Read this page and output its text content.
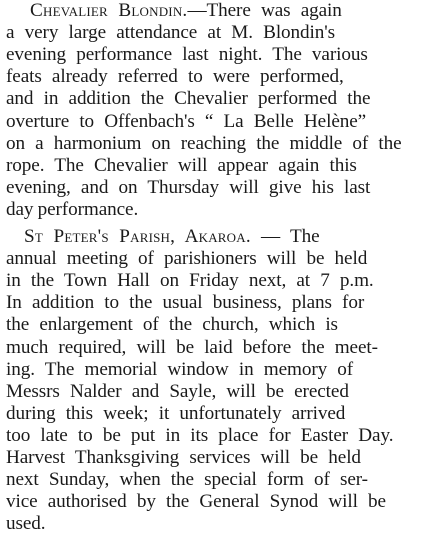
Chevalier Blondin.—There was again
a very large attendance at M. Blondin's
evening performance last night. The various
feats already referred to were performed,
and in addition the Chevalier performed the
overture to Offenbach's “ La Belle Helène”
on a harmonium on reaching the middle of the
rope. The Chevalier will appear again this
evening, and on Thursday will give his last
day performance.
St Peter's Parish, Akaroa. — The
annual meeting of parishioners will be held
in the Town Hall on Friday next, at 7 p.m.
In addition to the usual business, plans for
the enlargement of the church, which is
much required, will be laid before the meet-
ing. The memorial window in memory of
Messrs Nalder and Sayle, will be erected
during this week; it unfortunately arrived
too late to be put in its place for Easter Day.
Harvest Thanksgiving services will be held
next Sunday, when the special form of ser-
vice authorised by the General Synod will be
used.
